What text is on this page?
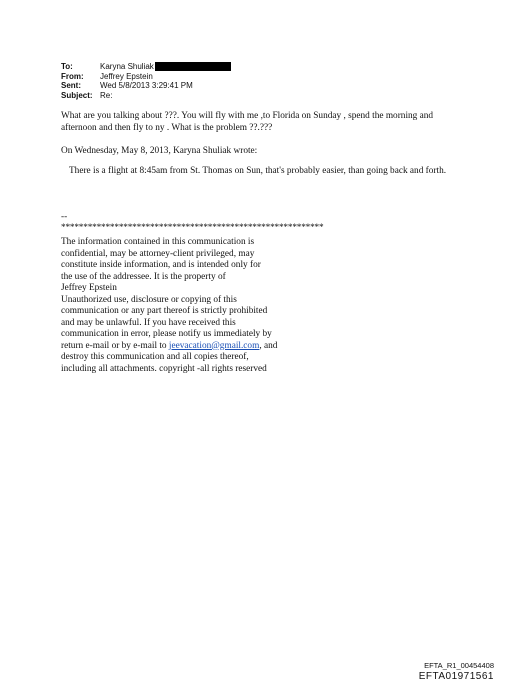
To:	Karyna Shuliak
From:	Jeffrey Epstein
Sent:	Wed 5/8/2013 3:29:41 PM
Subject: Re:
What are you talking about ???. You will fly with me ,to Florida on Sunday , spend the morning and afternoon and then fly to ny . What is the problem ??.???
On Wednesday, May 8, 2013, Karyna Shuliak wrote:
There is a flight at 8:45am from St. Thomas on Sun, that's probably easier, than going back and forth.
--
***********************************************************
The information contained in this communication is
confidential, may be attorney-client privileged, may
constitute inside information, and is intended only for
the use of the addressee. It is the property of
Jeffrey Epstein
Unauthorized use, disclosure or copying of this
communication or any part thereof is strictly prohibited
and may be unlawful. If you have received this
communication in error, please notify us immediately by
return e-mail or by e-mail to jeevacation@gmail.com, and
destroy this communication and all copies thereof,
including all attachments. copyright -all rights reserved
EFTA_R1_00454408
EFTA01971561
